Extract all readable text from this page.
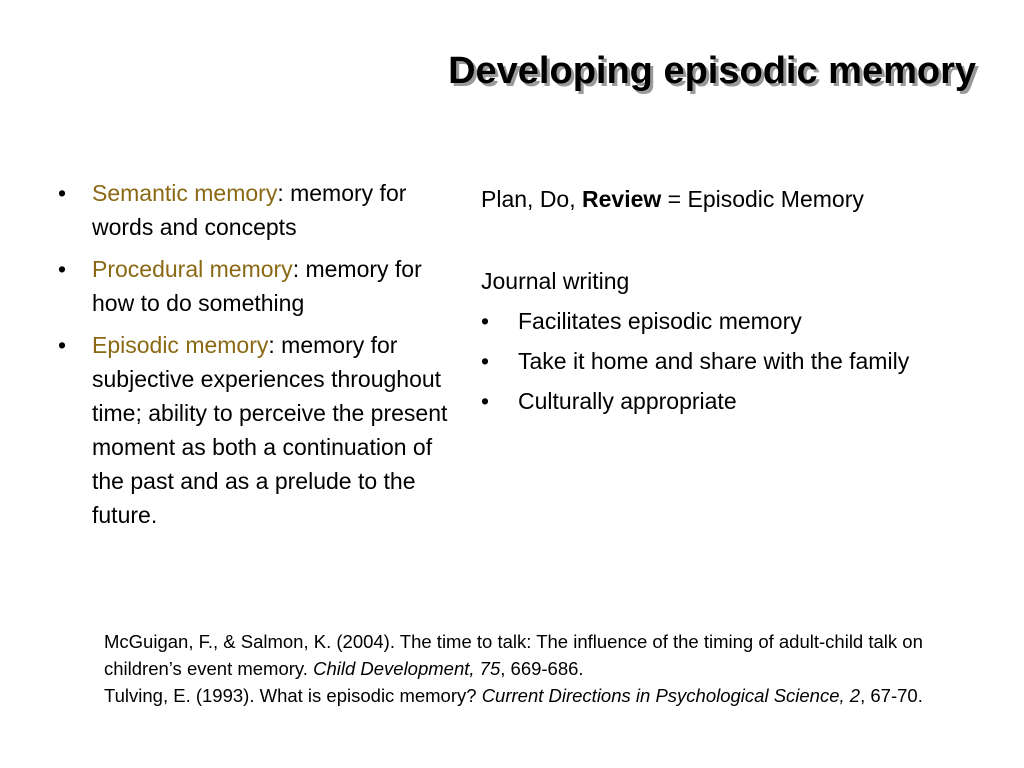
Developing episodic memory
• Semantic memory: memory for words and concepts
• Procedural memory: memory for how to do something
• Episodic memory: memory for subjective experiences throughout time; ability to perceive the present moment as both a continuation of the past and as a prelude to the future.
Plan, Do, Review = Episodic Memory
Journal writing
• Facilitates episodic memory
• Take it home and share with the family
• Culturally appropriate
McGuigan, F., & Salmon, K. (2004). The time to talk: The influence of the timing of adult-child talk on children’s event memory. Child Development, 75, 669-686.
Tulving, E. (1993). What is episodic memory? Current Directions in Psychological Science, 2, 67-70.
